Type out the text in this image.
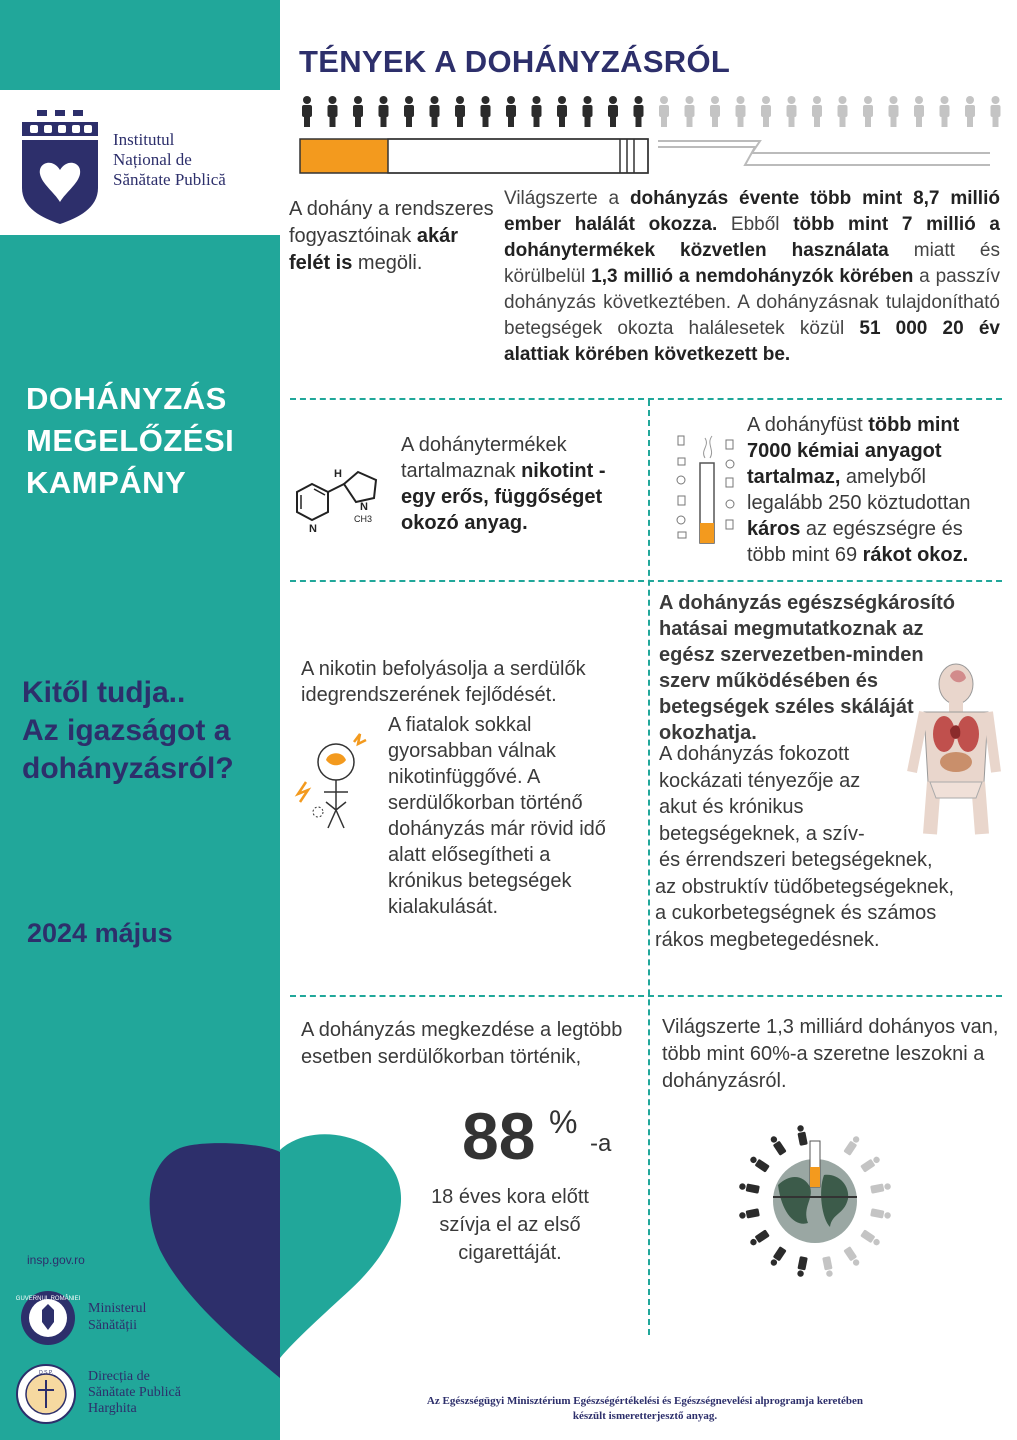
Institutul
Național de
Sănătate Publică
DOHÁNYZÁS
MEGELŐZÉSI
KAMPÁNY
Kitől tudja..
Az igazságot a
dohányzásról?
2024 május
insp.gov.ro
GUVERNUL ROMÂNIEI
Ministerul
Sănătății
D.S.P.	Direcția de
Sănătate Publică
Harghita
TÉNYEK A DOHÁNYZÁSRÓL
A dohány a rendszeres fogyasztóinak akár felét is megöli.
Világszerte a dohányzás évente több mint 8,7 millió ember halálát okozza. Ebből több mint 7 millió a dohánytermékek közvetlen használata miatt és körülbelül 1,3 millió a nemdohányzók körében a passzív dohányzás következtében. A dohányzásnak tulajdonítható betegségek okozta halálesetek közül 51 000 20 év alattiak körében következett be.
H
N
N
CH3
A dohánytermékek tartalmaznak nikotint - egy erős, függőséget okozó anyag.
A dohányfüst több mint 7000 kémiai anyagot tartalmaz, amelyből legalább 250 köztudottan káros az egészségre és több mint 69 rákot okoz.
A nikotin befolyásolja a serdülők idegrendszerének fejlődését.
A fiatalok sokkal gyorsabban válnak nikotinfüggővé. A serdülőkorban történő dohányzás már rövid idő alatt elősegítheti a krónikus betegségek kialakulását.
A dohányzás egészségkárosító hatásai megmutatkoznak az egész szervezetben-minden szerv működésében és betegségek széles skáláját okozhatja.
A dohányzás fokozott
kockázati tényezője az
akut és krónikus
betegségeknek, a szív-
és érrendszeri betegségeknek,
az obstruktív tüdőbetegségeknek,
a cukorbetegségnek és számos
rákos megbetegedésnek.
A dohányzás megkezdése a legtöbb esetben serdülőkorban történik,
88 %
-a
18 éves kora előtt szívja el az első cigarettáját.
Világszerte 1,3 milliárd dohányos van, több mint 60%-a szeretne leszokni a dohányzásról.
Az Egészségügyi Minisztérium Egészségértékelési és Egészségnevelési alprogramja keretében
készült ismeretterjesztő anyag.
